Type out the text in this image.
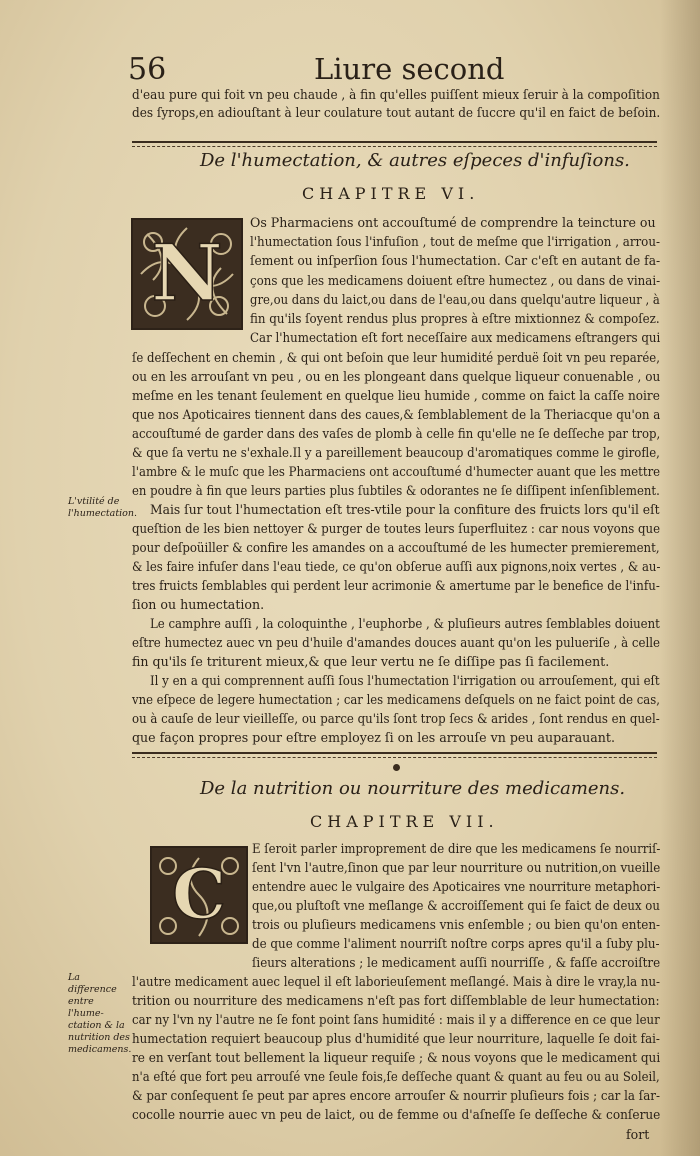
56	Liure second
d'eau pure qui foit vn peu chaude , à fin qu'elles puiſſent mieux ſeruir à la compoſition
des ſyrops,en adiouſtant à leur coulature tout autant de ſuccre qu'il en faict de beſoin.
De l'humectation, & autres eſpeces d'infuſions.
CHAPITRE VI.
N
Os Pharmaciens ont accouſtumé de comprendre la teincture ou
l'humectation ſous l'infuſion , tout de meſme que l'irrigation , arrou-
ſement ou inſperſion ſous l'humectation. Car c'eſt en autant de fa-
çons que les medicamens doiuent eſtre humectez , ou dans de vinai-
gre,ou dans du laict,ou dans de l'eau,ou dans quelqu'autre liqueur , à
fin qu'ils ſoyent rendus plus propres à eſtre mixtionnez & compoſez.
Car l'humectation eſt fort neceſſaire aux medicamens eſtrangers qui
ſe deſſechent en chemin , & qui ont beſoin que leur humidité perduë ſoit vn peu reparée,
ou en les arrouſant vn peu , ou en les plongeant dans quelque liqueur conuenable , ou
meſme en les tenant ſeulement en quelque lieu humide , comme on faict la caſſe noire
que nos Apoticaires tiennent dans des caues,& ſemblablement de la Theriacque qu'on a
accouſtumé de garder dans des vaſes de plomb à celle fin qu'elle ne ſe deſſeche par trop,
& que ſa vertu ne s'exhale.Il y a pareillement beaucoup d'aromatiques comme le girofle,
l'ambre & le muſc que les Pharmaciens ont accouſtumé d'humecter auant que les mettre
en poudre à fin que leurs parties plus ſubtiles & odorantes ne ſe diſſipent inſenſiblement.
Mais ſur tout l'humectation eſt tres-vtile pour la confiture des fruicts lors qu'il eſt
queſtion de les bien nettoyer & purger de toutes leurs ſuperfluitez : car nous voyons que
pour deſpoüiller & confire les amandes on a accouſtumé de les humecter premierement,
& les faire infuſer dans l'eau tiede, ce qu'on obſerue auſſi aux pignons,noix vertes , & au-
tres fruicts ſemblables qui perdent leur acrimonie & amertume par le benefice de l'infu-
ſion ou humectation.
Le camphre auſſi , la coloquinthe , l'euphorbe , & pluſieurs autres ſemblables doiuent
eſtre humectez auec vn peu d'huile d'amandes douces auant qu'on les pulueriſe , à celle
fin qu'ils ſe triturent mieux,& que leur vertu ne ſe diſſipe pas ſi facilement.
Il y en a qui comprennent auſſi ſous l'humectation l'irrigation ou arrouſement, qui eſt
vne eſpece de legere humectation ; car les medicamens deſquels on ne faict point de cas,
ou à cauſe de leur vieilleſſe, ou parce qu'ils ſont trop ſecs & arides , ſont rendus en quel-
que façon propres pour eſtre employez ſi on les arrouſe vn peu auparauant.
L'vtilité de
l'humectation.
De la nutrition ou nourriture des medicamens.
CHAPITRE VII.
C
E ſeroit parler improprement de dire que les medicamens ſe nourriſ-
ſent l'vn l'autre,ſinon que par leur nourriture ou nutrition,on vueille
entendre auec le vulgaire des Apoticaires vne nourriture metaphori-
que,ou pluſtoſt vne meſlange & accroiſſement qui ſe faict de deux ou
trois ou pluſieurs medicamens vnis enſemble ; ou bien qu'on enten-
de que comme l'aliment nourriſt noſtre corps apres qu'il a ſuby plu-
ſieurs alterations ; le medicament auſſi nourriſſe , & faſſe accroiſtre
l'autre medicament auec lequel il eſt laborieuſement meſlangé. Mais à dire le vray,la nu-
trition ou nourriture des medicamens n'eſt pas fort diſſemblable de leur humectation:
car ny l'vn ny l'autre ne ſe font point ſans humidité : mais il y a difference en ce que leur
humectation requiert beaucoup plus d'humidité que leur nourriture, laquelle ſe doit fai-
re en verſant tout bellement la liqueur requiſe ; & nous voyons que le medicament qui
n'a eſté que fort peu arrouſé vne ſeule fois,ſe deſſeche quant & quant au feu ou au Soleil,
& par conſequent ſe peut par apres encore arrouſer & nourrir pluſieurs fois ; car la ſar-
cocolle nourrie auec vn peu de laict, ou de femme ou d'aſneſſe ſe deſſeche & conſerue
fort
La difference
entre l'hume-
ctation & la
nutrition des
medicamens.
